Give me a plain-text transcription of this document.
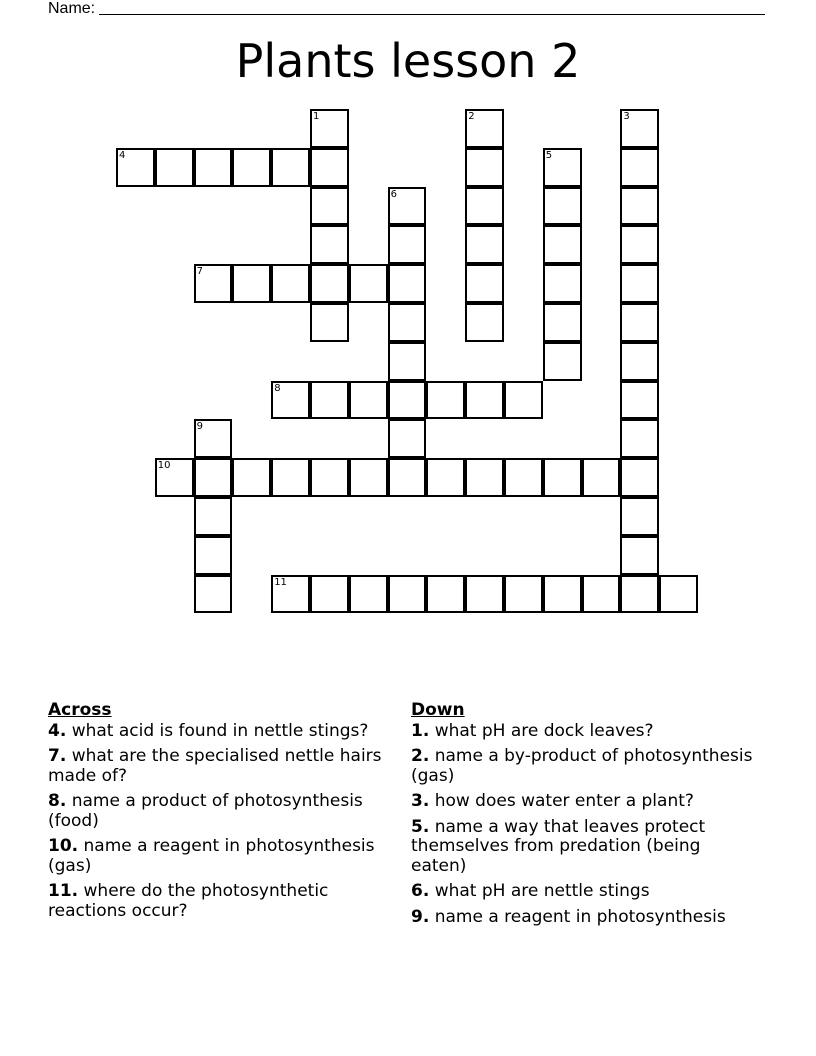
Name:
Plants lesson 2
1	2	3
4	5
6
7
8
9
10
11
Across
4. what acid is found in nettle stings?
7. what are the specialised nettle hairs made of?
8. name a product of photosynthesis (food)
10. name a reagent in photosynthesis (gas)
11. where do the photosynthetic reactions occur?
Down
1. what pH are dock leaves?
2. name a by-product of photosynthesis (gas)
3. how does water enter a plant?
5. name a way that leaves protect themselves from predation (being eaten)
6. what pH are nettle stings
9. name a reagent in photosynthesis
